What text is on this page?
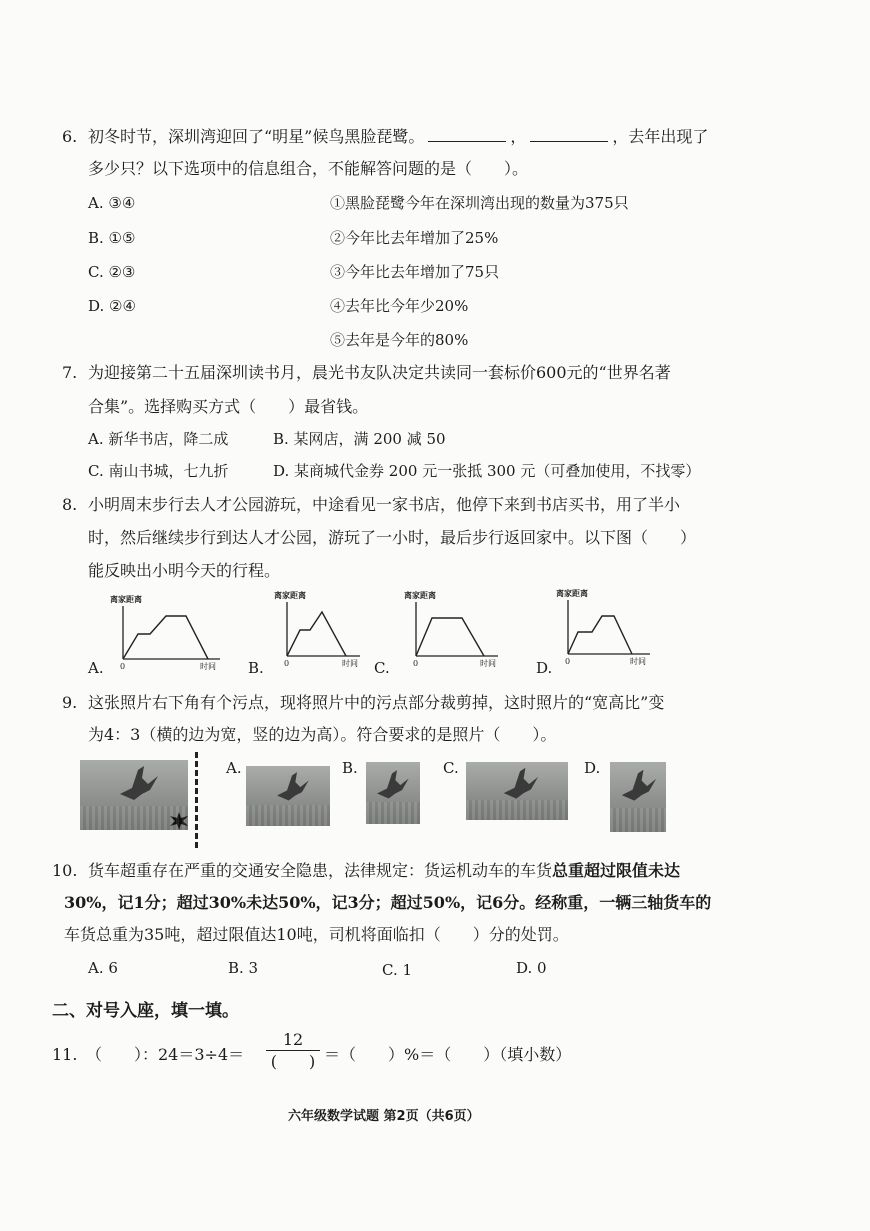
6. 初冬时节，深圳湾迎回了“明星”候鸟黑脸琵鹭。	，	，去年出现了
多少只？以下选项中的信息组合，不能解答问题的是（　　）。
A. ③④
B. ①⑤
C. ②③
D. ②④
①黑脸琵鹭今年在深圳湾出现的数量为375只
②今年比去年增加了25%
③今年比去年增加了75只
④去年比今年少20%
⑤去年是今年的80%
7. 为迎接第二十五届深圳读书月，晨光书友队决定共读同一套标价600元的“世界名著
合集”。选择购买方式（　　）最省钱。
A. 新华书店，降二成	B. 某网店，满 200 减 50
C. 南山书城，七九折	D. 某商城代金券 200 元一张抵 300 元（可叠加使用，不找零）
8. 小明周末步行去人才公园游玩，中途看见一家书店，他停下来到书店买书，用了半小
时，然后继续步行到达人才公园，游玩了一小时，最后步行返回家中。以下图（　　）
能反映出小明今天的行程。
A.
离家距离
0	时间 B.
离家距离
0	时间 C.
离家距离
0	时间	D.
离家距离
0	时间
9. 这张照片右下角有个污点，现将照片中的污点部分裁剪掉，这时照片的“宽高比”变
为4：3（横的边为宽，竖的边为高）。符合要求的是照片（　　）。
A.	B.	C.	D.
10. 货车超重存在严重的交通安全隐患，法律规定：货运机动车的车货总重超过限值未达
30%，记1分；超过30%未达50%，记3分；超过50%，记6分。经称重，一辆三轴货车的
车货总重为35吨，超过限值达10吨，司机将面临扣（　　）分的处罚。
A. 6	B. 3	C. 1	D. 0
二、对号入座，填一填。
11. （　　）：24＝3÷4＝
12
(　　) ＝（　　）%＝（　　）（填小数）
六年级数学试题 第2页（共6页）
